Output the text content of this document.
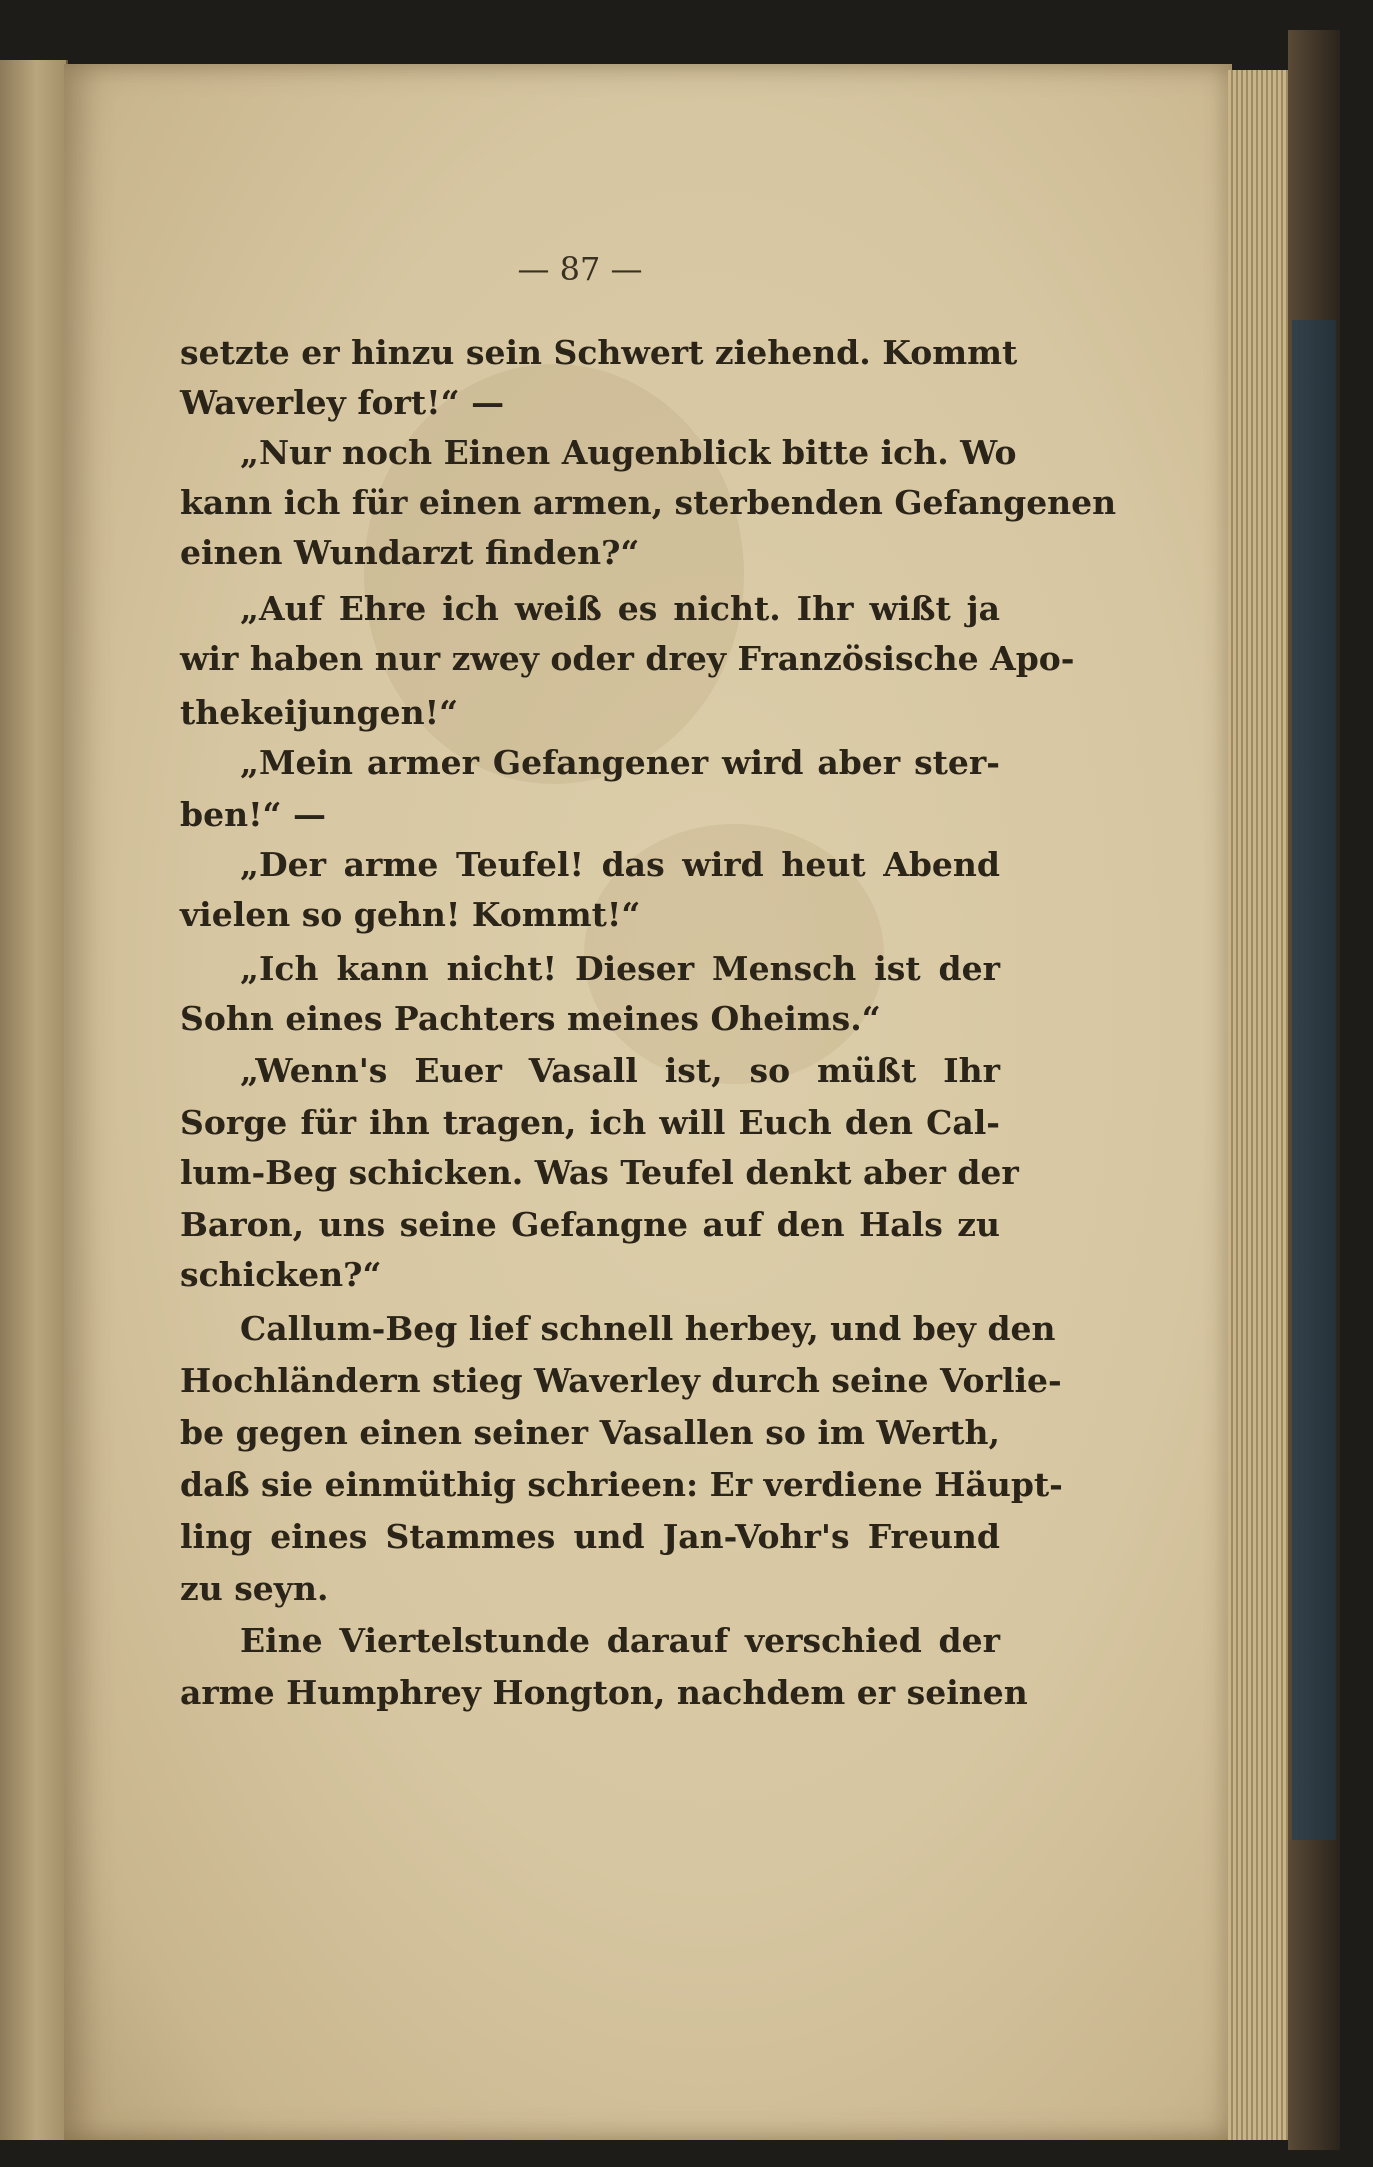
— 87 —
setzte er hinzu sein Schwert ziehend. Kommt
Waverley fort!“ —
„Nur noch Einen Augenblick bitte ich. Wo
kann ich für einen armen, sterbenden Gefangenen
einen Wundarzt finden?“
„Auf Ehre ich weiß es nicht. Ihr wißt ja
wir haben nur zwey oder drey Französische Apo-
thekeijungen!“
„Mein armer Gefangener wird aber ster-
ben!“ —
„Der arme Teufel! das wird heut Abend
vielen so gehn! Kommt!“
„Ich kann nicht! Dieser Mensch ist der
Sohn eines Pachters meines Oheims.“
„Wenn's Euer Vasall ist, so müßt Ihr
Sorge für ihn tragen, ich will Euch den Cal-
lum-Beg schicken. Was Teufel denkt aber der
Baron, uns seine Gefangne auf den Hals zu
schicken?“
Callum-Beg lief schnell herbey, und bey den
Hochländern stieg Waverley durch seine Vorlie-
be gegen einen seiner Vasallen so im Werth,
daß sie einmüthig schrieen: Er verdiene Häupt-
ling eines Stammes und Jan-Vohr's Freund
zu seyn.
Eine Viertelstunde darauf verschied der
arme Humphrey Hongton, nachdem er seinen
